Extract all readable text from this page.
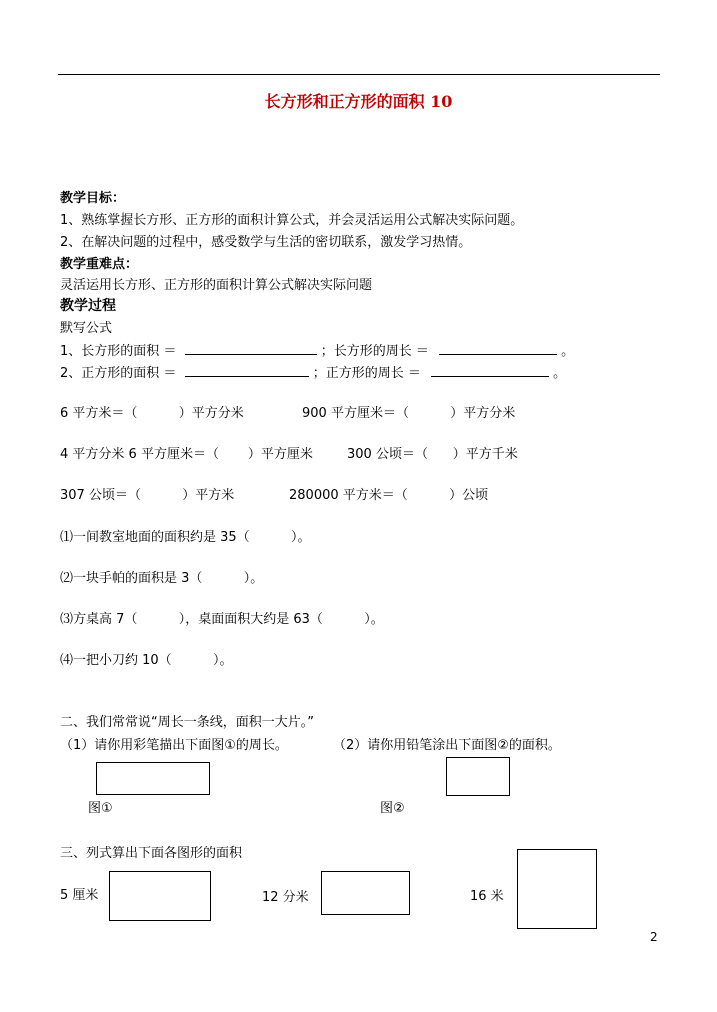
长方形和正方形的面积 10
教学目标：
1、熟练掌握长方形、正方形的面积计算公式，并会灵活运用公式解决实际问题。
2、在解决问题的过程中，感受数学与生活的密切联系，激发学习热情。
教学重难点：
灵活运用长方形、正方形的面积计算公式解决实际问题
教学过程
默写公式
1、长方形的面积 ＝	；长方形的周长 ＝	。
2、正方形的面积 ＝	；正方形的周长 ＝	。
6 平方米＝（          ）平方分米	900 平方厘米＝（          ）平方分米
4 平方分米 6 平方厘米＝（       ）平方厘米	300 公顷＝（      ）平方千米
307 公顷＝（          ）平方米	280000 平方米＝（          ）公顷
⑴一间教室地面的面积约是 35（          ）。
⑵一块手帕的面积是 3（          ）。
⑶方桌高 7（          ），桌面面积大约是 63（          ）。
⑷一把小刀约 10（          ）。
二、我们常常说“周长一条线，面积一大片。”
（1）请你用彩笔描出下面图①的周长。	（2）请你用铅笔涂出下面图②的面积。
图①	图②
三、列式算出下面各图形的面积
5 厘米	12 分米	16 米
2
